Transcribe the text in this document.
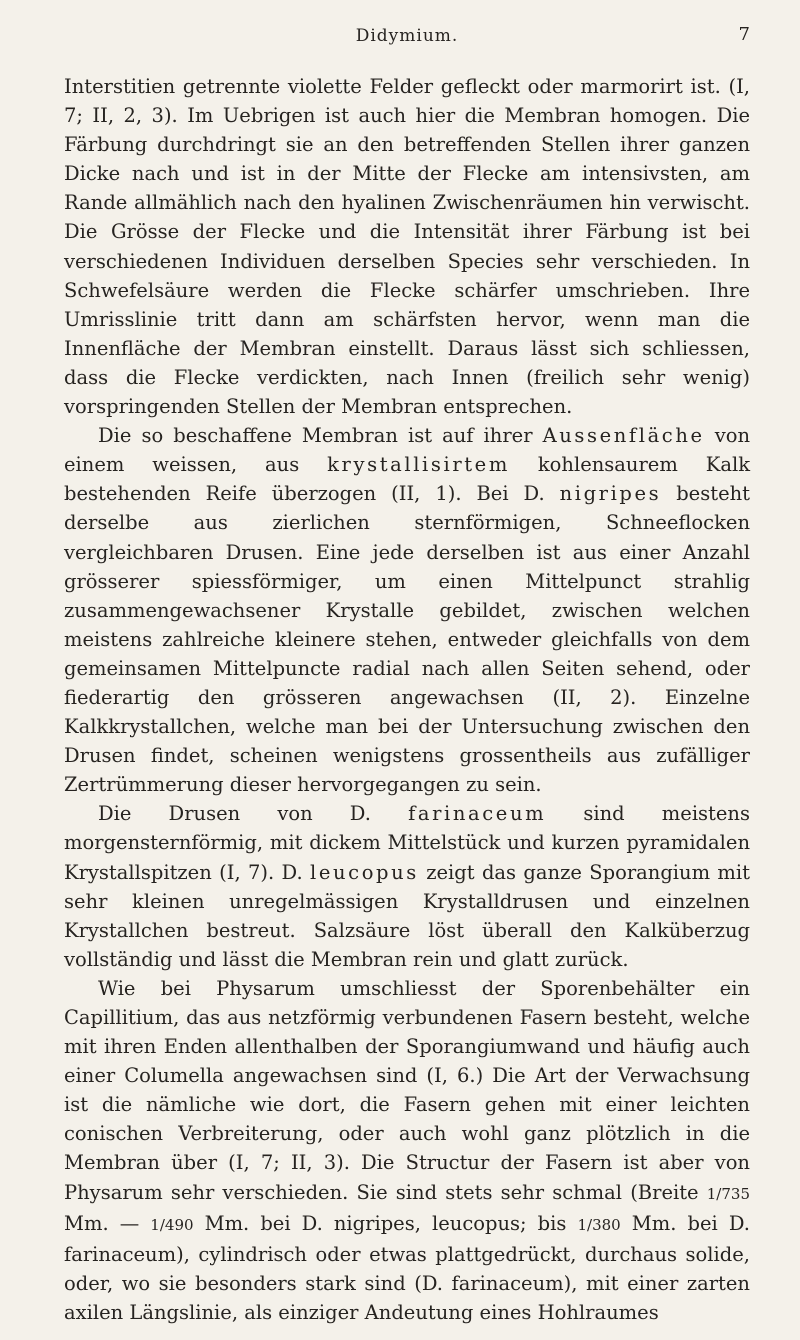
Didymium.	7

Interstitien getrennte violette Felder gefleckt oder marmorirt ist. (I, 7; II, 2, 3). Im Uebrigen ist auch hier die Membran homogen. Die Färbung durchdringt sie an den betreffenden Stellen ihrer ganzen Dicke nach und ist in der Mitte der Flecke am intensivsten, am Rande allmählich nach den hyalinen Zwischenräumen hin verwischt. Die Grösse der Flecke und die Intensität ihrer Färbung ist bei verschiedenen Individuen derselben Species sehr verschieden. In Schwefelsäure werden die Flecke schärfer umschrieben. Ihre Umrisslinie tritt dann am schärfsten hervor, wenn man die Innenfläche der Membran einstellt. Daraus lässt sich schliessen, dass die Flecke verdickten, nach Innen (freilich sehr wenig) vorspringenden Stellen der Membran entsprechen.

Die so beschaffene Membran ist auf ihrer Aussenfläche von einem weissen, aus krystallisirtem kohlensaurem Kalk bestehenden Reife überzogen (II, 1). Bei D. nigripes besteht derselbe aus zierlichen sternförmigen, Schneeflocken vergleichbaren Drusen. Eine jede derselben ist aus einer Anzahl grösserer spiessförmiger, um einen Mittelpunct strahlig zusammengewachsener Krystalle gebildet, zwischen welchen meistens zahlreiche kleinere stehen, entweder gleichfalls von dem gemeinsamen Mittelpuncte radial nach allen Seiten sehend, oder fiederartig den grösseren angewachsen (II, 2). Einzelne Kalkkrystallchen, welche man bei der Untersuchung zwischen den Drusen findet, scheinen wenigstens grossentheils aus zufälliger Zertrümmerung dieser hervorgegangen zu sein.

Die Drusen von D. farinaceum sind meistens morgensternförmig, mit dickem Mittelstück und kurzen pyramidalen Krystallspitzen (I, 7). D. leucopus zeigt das ganze Sporangium mit sehr kleinen unregelmässigen Krystalldrusen und einzelnen Krystallchen bestreut. Salzsäure löst überall den Kalküberzug vollständig und lässt die Membran rein und glatt zurück.

Wie bei Physarum umschliesst der Sporenbehälter ein Capillitium, das aus netzförmig verbundenen Fasern besteht, welche mit ihren Enden allenthalben der Sporangiumwand und häufig auch einer Columella angewachsen sind (I, 6.) Die Art der Verwachsung ist die nämliche wie dort, die Fasern gehen mit einer leichten conischen Verbreiterung, oder auch wohl ganz plötzlich in die Membran über (I, 7; II, 3). Die Structur der Fasern ist aber von Physarum sehr verschieden. Sie sind stets sehr schmal (Breite 1/735 Mm. — 1/490 Mm. bei D. nigripes, leucopus; bis 1/380 Mm. bei D. farinaceum), cylindrisch oder etwas plattgedrückt, durchaus solide, oder, wo sie besonders stark sind (D. farinaceum), mit einer zarten axilen Längslinie, als einziger Andeutung eines Hohlraumes
